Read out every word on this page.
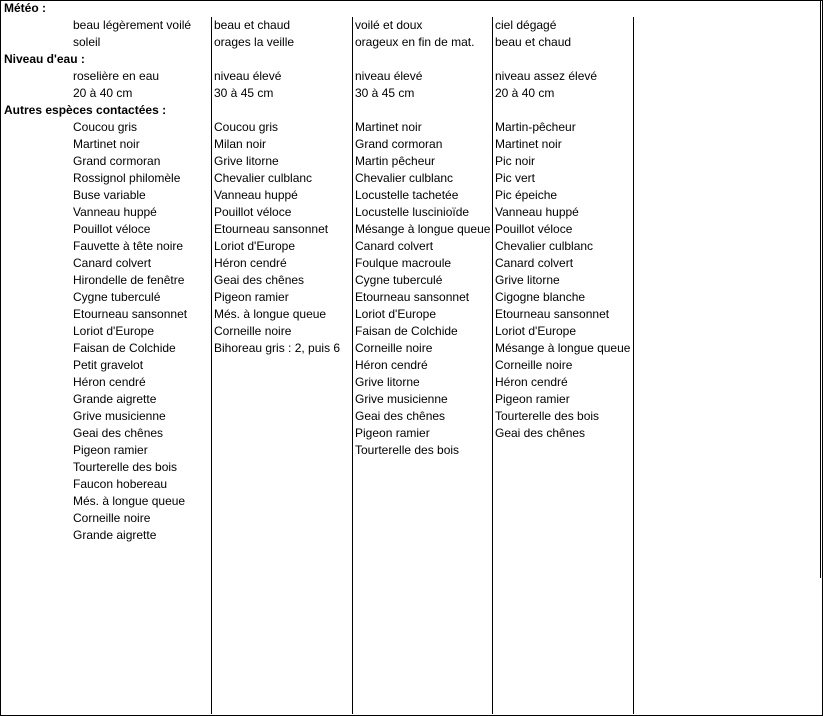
Météo :
Niveau d'eau :
Autres espèces contactées :
beau légèrement voilé
soleil
beau et chaud
orages la veille
voilé et doux
orageux en fin de mat.
ciel dégagé
beau et chaud
roselière en eau
20 à 40 cm
niveau élevé
30 à 45 cm
niveau élevé
30 à 45 cm
niveau assez élevé
20 à 40 cm
Coucou gris
Martinet noir
Grand cormoran
Rossignol philomèle
Buse variable
Vanneau huppé
Pouillot véloce
Fauvette à tête noire
Canard colvert
Hirondelle de fenêtre
Cygne tuberculé
Etourneau sansonnet
Loriot d'Europe
Faisan de Colchide
Petit gravelot
Héron cendré
Grande aigrette
Grive musicienne
Geai des chênes
Pigeon ramier
Tourterelle des bois
Faucon hobereau
Més. à longue queue
Corneille noire
Grande aigrette
Coucou gris
Milan noir
Grive litorne
Chevalier culblanc
Vanneau huppé
Pouillot véloce
Etourneau sansonnet
Loriot d'Europe
Héron cendré
Geai des chênes
Pigeon ramier
Més. à longue queue
Corneille noire
Bihoreau gris : 2, puis 6
Martinet noir
Grand cormoran
Martin pêcheur
Chevalier culblanc
Locustelle tachetée
Locustelle luscinioïde
Mésange à longue queue
Canard colvert
Foulque macroule
Cygne tuberculé
Etourneau sansonnet
Loriot d'Europe
Faisan de Colchide
Corneille noire
Héron cendré
Grive litorne
Grive musicienne
Geai des chênes
Pigeon ramier
Tourterelle des bois
Martin-pêcheur
Martinet noir
Pic noir
Pic vert
Pic épeiche
Vanneau huppé
Pouillot véloce
Chevalier culblanc
Canard colvert
Grive litorne
Cigogne blanche
Etourneau sansonnet
Loriot d'Europe
Mésange à longue queue
Corneille noire
Héron cendré
Pigeon ramier
Tourterelle des bois
Geai des chênes
